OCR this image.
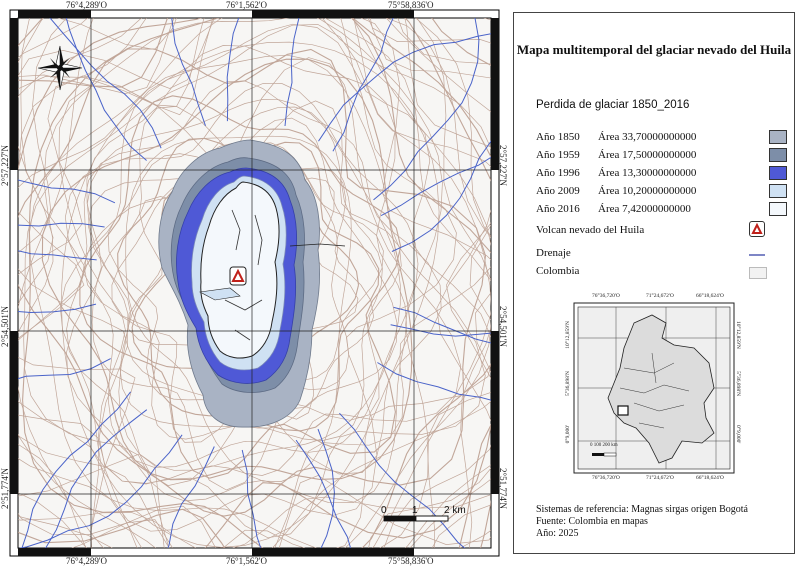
76°4,289'O	76°1,562'O	75°58,836'O
76°4,289'O	76°1,562'O	75°58,836'O
2°57,227'N
2°54,501'N
2°51,774'N
2°57,227'N
2°54,501'N
2°51,774'N
0	1	2 km
Mapa multitemporal del glaciar nevado del Huila
Perdida de glaciar 1850_2016
Año 1850	Área 33,70000000000
Año 1959	Área 17,50000000000
Año 1996	Área 13,30000000000
Año 2009	Área 10,20000000000
Año 2016	Área 7,42000000000
Volcan nevado del Huila
Drenaje
Colombia
76°36,720'O	71°24,672'O	66°18,624'O
76°36,720'O	71°24,672'O	66°18,624'O
10°12,859'N
5°36,898'N
0°9,000'
10°12,859'N
5°36,898'N
0°9,000'
0 100 200 km
Sistemas de referencia: Magnas sirgas origen Bogotá
Fuente: Colombia en mapas
Año: 2025
